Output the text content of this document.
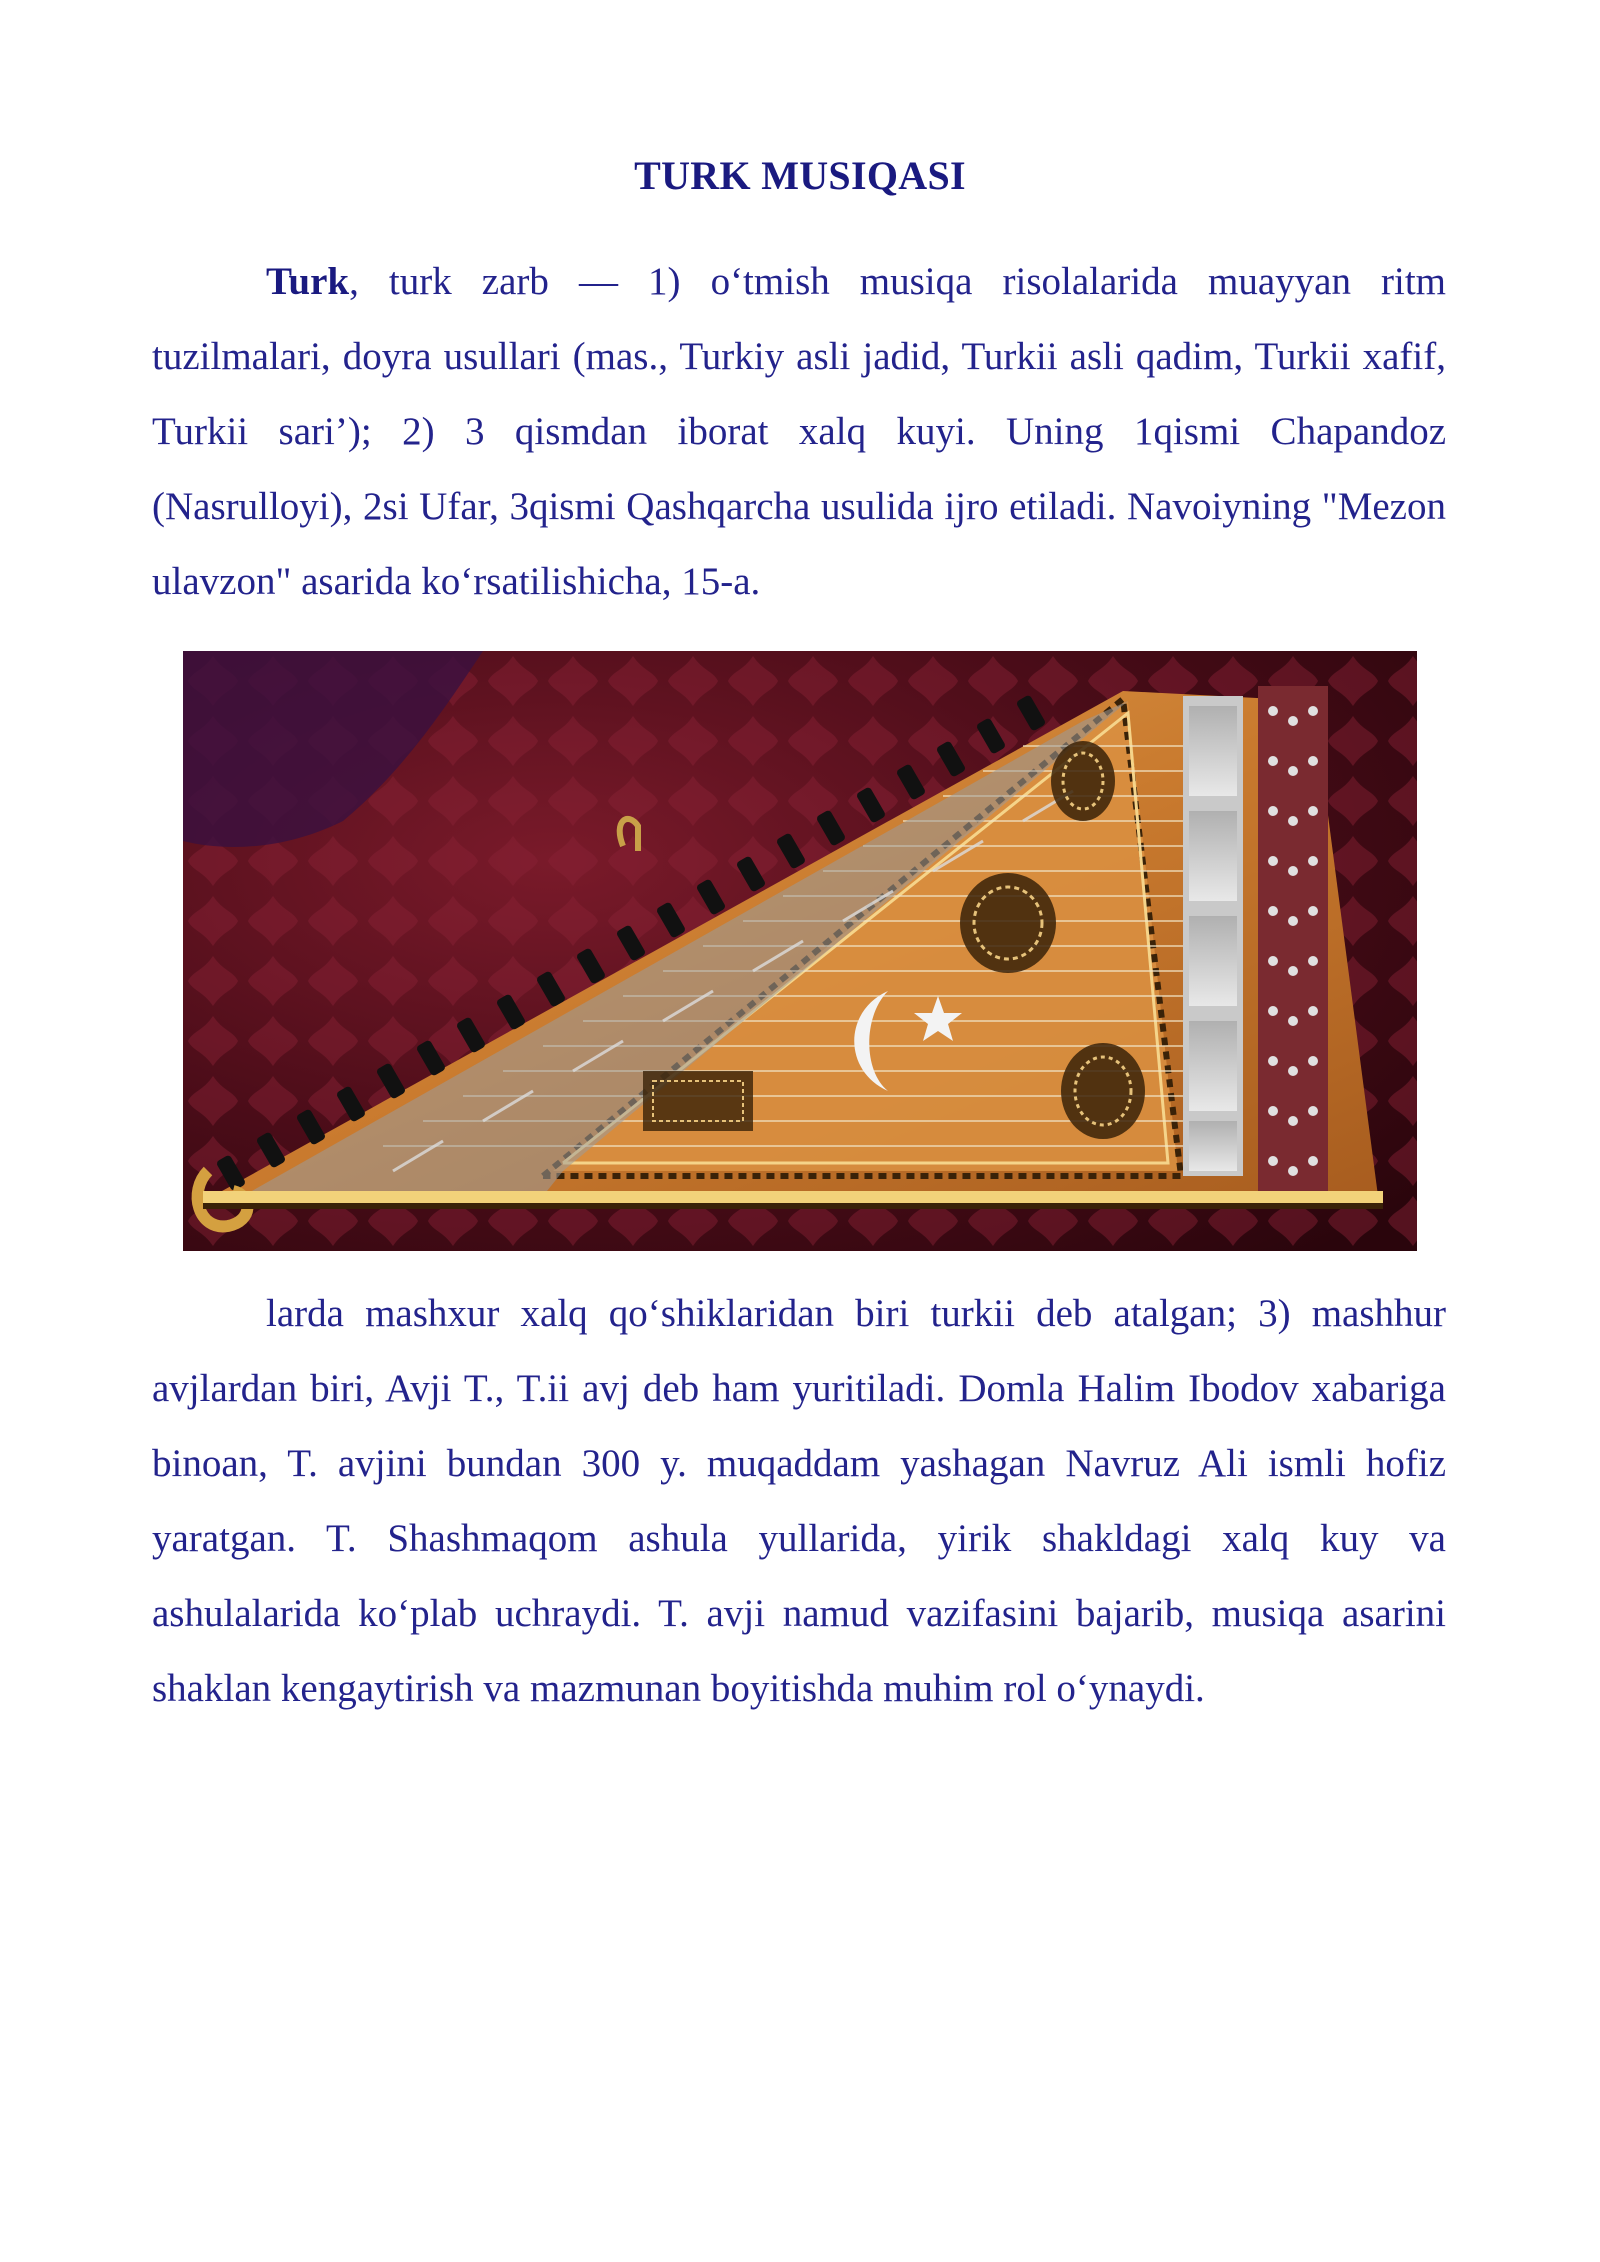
TURK MUSIQASI
Turk, turk zarb — 1) o‘tmish musiqa risolalarida muayyan ritm tuzilmalari, doyra usullari (mas., Turkiy asli jadid, Turkii asli qadim, Turkii xafif, Turkii sari’); 2) 3 qismdan iborat xalq kuyi. Uning 1qismi Chapandoz (Nasrulloyi), 2si Ufar, 3qismi Qashqarcha usulida ijro etiladi. Navoiyning "Mezon ulavzon" asarida ko‘rsatilishicha, 15-a.
larda mashxur xalq qo‘shiklaridan biri turkii deb atalgan; 3) mashhur avjlardan biri, Avji T., T.ii avj deb ham yuritiladi. Domla Halim Ibodov xabariga binoan, T. avjini bundan 300 y. muqaddam yashagan Navruz Ali ismli hofiz yaratgan. T. Shashmaqom ashula yullarida, yirik shakldagi xalq kuy va ashulalarida ko‘plab uchraydi. T. avji namud vazifasini bajarib, musiqa asarini shaklan kengaytirish va mazmunan boyitishda muhim rol o‘ynaydi.
